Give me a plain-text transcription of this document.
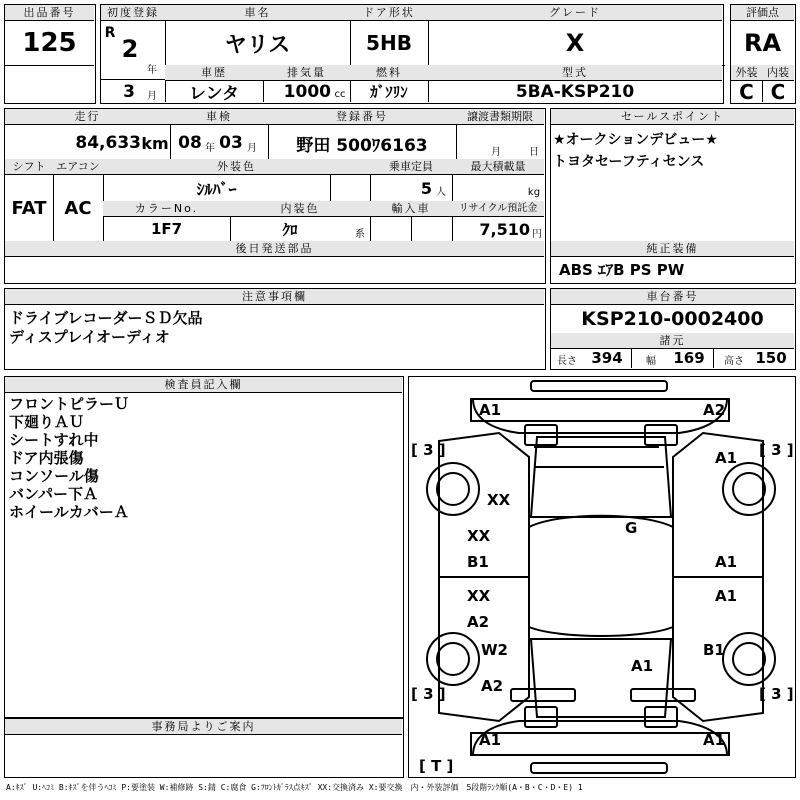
出品番号
125
初度登録
R
2
年
3	月
車名
ヤリス
車歴
レンタ
排気量
1000 cc
ドア形状
5HB
燃料
ｶﾞｿﾘﾝ
グレード
X
型式
5BA-KSP210
評価点
RA
外装 内装
C C
走行
84,633 km
車検
08 年 03 月
登録番号
野田 500ﾜ6163
譲渡書類期限
月	日
シフト
FAT
エアコン
AC
外装色
ｼﾙﾊﾞｰ
乗車定員
5 人
最大積載量
kg
カラーNo.
1F7
内装色
ｸﾛ	系
輸入車	リサイクル預託金
7,510 円
後日発送部品
セールスポイント
★オークションデビュー★
トヨタセーフティセンス
純正装備
ABS ｴｱB PS PW
注意事項欄
ドライブレコーダーＳＤ欠品
ディスプレイオーディオ
車台番号
KSP210-0002400
諸元
長さ 394	幅 169	高さ 150
検査員記入欄
フロントピラーＵ
下廻りＡＵ
シートすれ中
ドア内張傷
コンソール傷
バンパー下Ａ
ホイールカバーＡ
事務局よりご案内
A1	A2
A1
XX
G
XX
B1	A1
XX
A2
A1
W2	B1
A1
A2
A1	A1
[ 3 ]	[ 3 ]
[ 3 ]	[ 3 ]
[ T ]
A:ｷｽﾞ U:ﾍｺﾐ B:ｷｽﾞを伴うﾍｺﾐ P:要塗装 W:補修跡 S:錆 C:腐食 G:ﾌﾛﾝﾄｶﾞﾗｽ点ｷｽﾞ XX:交換済み X:要交換　内・外装評価　5段階ﾗﾝｸ順(A・B・C・D・E) 1
